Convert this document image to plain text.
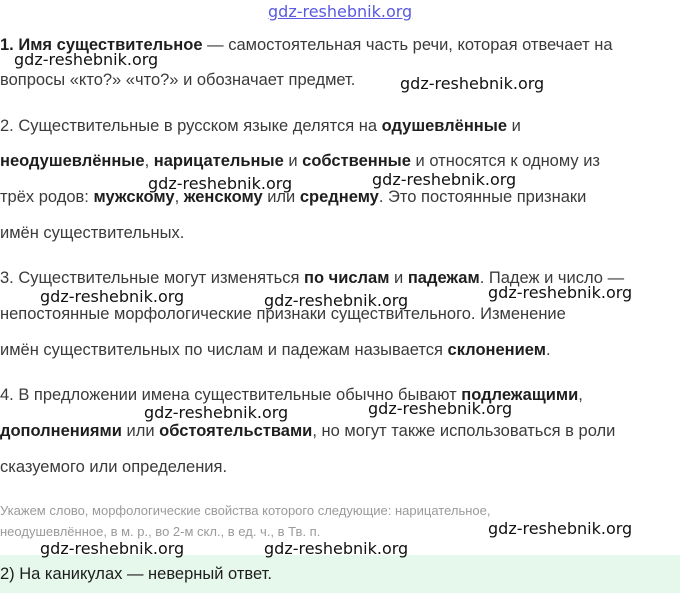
gdz-reshebnik.org
1. Имя существительное — самостоятельная часть речи, которая отвечает на
вопросы «кто?» «что?» и обозначает предмет.
2. Существительные в русском языке делятся на одушевлённые и
неодушевлённые, нарицательные и собственные и относятся к одному из
трёх родов: мужскому, женскому или среднему. Это постоянные признаки
имён существительных.
3. Существительные могут изменяться по числам и падежам. Падеж и число —
непостоянные морфологические признаки существительного. Изменение
имён существительных по числам и падежам называется склонением.
4. В предложении имена существительные обычно бывают подлежащими,
дополнениями или обстоятельствами, но могут также использоваться в роли
сказуемого или определения.
Укажем слово, морфологические свойства которого следующие: нарицательное,
неодушевлённое, в м. р., во 2-м скл., в ед. ч., в Тв. п.
2) На каникулах — неверный ответ.
gdz-reshebnik.org
gdz-reshebnik.org
gdz-reshebnik.org	gdz-reshebnik.org
gdz-reshebnik.org	gdz-reshebnik.org	gdz-reshebnik.org
gdz-reshebnik.org	gdz-reshebnik.org
gdz-reshebnik.org
gdz-reshebnik.org	gdz-reshebnik.org
